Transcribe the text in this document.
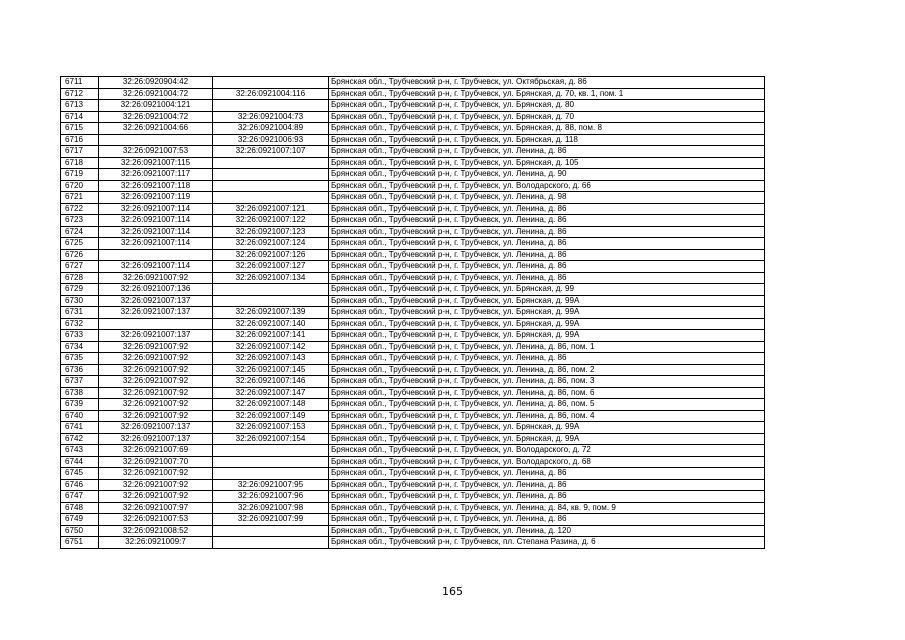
6711	32:26:0920904:42		Брянская обл., Трубчевский р-н, г. Трубчевск, ул. Октябрьская, д. 86
6712	32:26:0921004:72	32:26:0921004:116	Брянская обл., Трубчевский р-н, г. Трубчевск, ул. Брянская, д. 70, кв. 1, пом. 1
6713	32:26:0921004:121		Брянская обл., Трубчевский р-н, г. Трубчевск, ул. Брянская, д. 80
6714	32:26:0921004:72	32:26:0921004:73	Брянская обл., Трубчевский р-н, г. Трубчевск, ул. Брянская, д. 70
6715	32:26:0921004:66	32:26:0921004:89	Брянская обл., Трубчевский р-н, г. Трубчевск, ул. Брянская, д. 88, пом. 8
6716		32:26:0921006:93	Брянская обл., Трубчевский р-н, г. Трубчевск, ул. Брянская, д. 118
6717	32:26:0921007:53	32:26:0921007:107	Брянская обл., Трубчевский р-н, г. Трубчевск, ул. Ленина, д. 86
6718	32:26:0921007:115		Брянская обл., Трубчевский р-н, г. Трубчевск, ул. Брянская, д. 105
6719	32:26:0921007:117		Брянская обл., Трубчевский р-н, г. Трубчевск, ул. Ленина, д. 90
6720	32:26:0921007:118		Брянская обл., Трубчевский р-н, г. Трубчевск, ул. Володарского, д. 66
6721	32:26:0921007:119		Брянская обл., Трубчевский р-н, г. Трубчевск, ул. Ленина, д. 98
6722	32:26:0921007:114	32:26:0921007:121	Брянская обл., Трубчевский р-н, г. Трубчевск, ул. Ленина, д. 86
6723	32:26:0921007:114	32:26:0921007:122	Брянская обл., Трубчевский р-н, г. Трубчевск, ул. Ленина, д. 86
6724	32:26:0921007:114	32:26:0921007:123	Брянская обл., Трубчевский р-н, г. Трубчевск, ул. Ленина, д. 86
6725	32:26:0921007:114	32:26:0921007:124	Брянская обл., Трубчевский р-н, г. Трубчевск, ул. Ленина, д. 86
6726		32:26:0921007:126	Брянская обл., Трубчевский р-н, г. Трубчевск, ул. Ленина, д. 86
6727	32:26:0921007:114	32:26:0921007:127	Брянская обл., Трубчевский р-н, г. Трубчевск, ул. Ленина, д. 86
6728	32:26:0921007:92	32:26:0921007:134	Брянская обл., Трубчевский р-н, г. Трубчевск, ул. Ленина, д. 86
6729	32:26:0921007:136		Брянская обл., Трубчевский р-н, г. Трубчевск, ул. Брянская, д. 99
6730	32:26:0921007:137		Брянская обл., Трубчевский р-н, г. Трубчевск, ул. Брянская, д. 99А
6731	32:26:0921007:137	32:26:0921007:139	Брянская обл., Трубчевский р-н, г. Трубчевск, ул. Брянская, д. 99А
6732		32:26:0921007:140	Брянская обл., Трубчевский р-н, г. Трубчевск, ул. Брянская, д. 99А
6733	32:26:0921007:137	32:26:0921007:141	Брянская обл., Трубчевский р-н, г. Трубчевск, ул. Брянская, д. 99А
6734	32:26:0921007:92	32:26:0921007:142	Брянская обл., Трубчевский р-н, г. Трубчевск, ул. Ленина, д. 86, пом. 1
6735	32:26:0921007:92	32:26:0921007:143	Брянская обл., Трубчевский р-н, г. Трубчевск, ул. Ленина, д. 86
6736	32:26:0921007:92	32:26:0921007:145	Брянская обл., Трубчевский р-н, г. Трубчевск, ул. Ленина, д. 86, пом. 2
6737	32:26:0921007:92	32:26:0921007:146	Брянская обл., Трубчевский р-н, г. Трубчевск, ул. Ленина, д. 86, пом. 3
6738	32:26:0921007:92	32:26:0921007:147	Брянская обл., Трубчевский р-н, г. Трубчевск, ул. Ленина, д. 86, пом. 6
6739	32:26:0921007:92	32:26:0921007:148	Брянская обл., Трубчевский р-н, г. Трубчевск, ул. Ленина, д. 86, пом. 5
6740	32:26:0921007:92	32:26:0921007:149	Брянская обл., Трубчевский р-н, г. Трубчевск, ул. Ленина, д. 86, пом. 4
6741	32:26:0921007:137	32:26:0921007:153	Брянская обл., Трубчевский р-н, г. Трубчевск, ул. Брянская, д. 99А
6742	32:26:0921007:137	32:26:0921007:154	Брянская обл., Трубчевский р-н, г. Трубчевск, ул. Брянская, д. 99А
6743	32:26:0921007:69		Брянская обл., Трубчевский р-н, г. Трубчевск, ул. Володарского, д. 72
6744	32:26:0921007:70		Брянская обл., Трубчевский р-н, г. Трубчевск, ул. Володарского, д. 68
6745	32:26:0921007:92		Брянская обл., Трубчевский р-н, г. Трубчевск, ул. Ленина, д. 86
6746	32:26:0921007:92	32:26:0921007:95	Брянская обл., Трубчевский р-н, г. Трубчевск, ул. Ленина, д. 86
6747	32:26:0921007:92	32:26:0921007:96	Брянская обл., Трубчевский р-н, г. Трубчевск, ул. Ленина, д. 86
6748	32:26:0921007:97	32:26:0921007:98	Брянская обл., Трубчевский р-н, г. Трубчевск, ул. Ленина, д. 84, кв. 9, пом. 9
6749	32:26:0921007:53	32:26:0921007:99	Брянская обл., Трубчевский р-н, г. Трубчевск, ул. Ленина, д. 86
6750	32:26:0921008:52		Брянская обл., Трубчевский р-н, г. Трубчевск, ул. Ленина, д. 120
6751	32:26:0921009:7		Брянская обл., Трубчевский р-н, г. Трубчевск, пл. Степана Разина, д. 6
165
